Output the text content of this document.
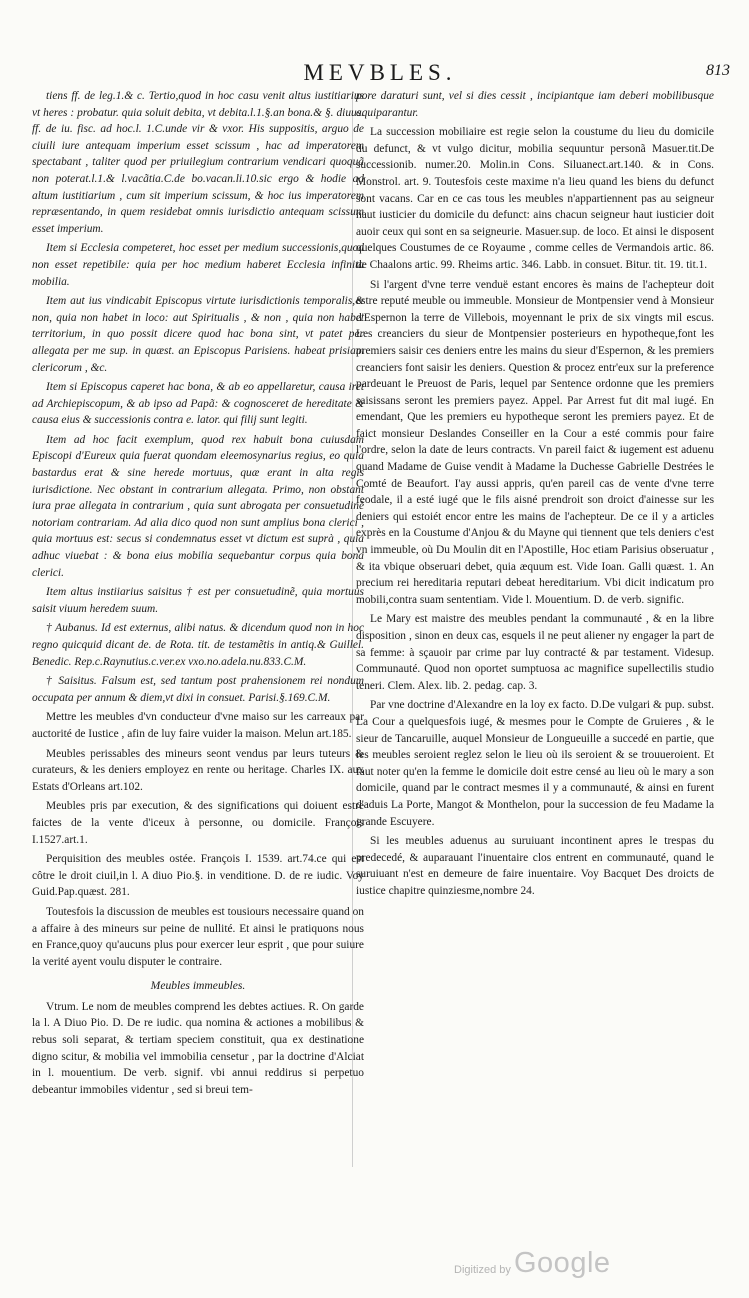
MEVBLES.	813

tiens ff. de leg.1.& c. Tertio,quod in hoc casu venit altus iustitiarius vt heres : probatur. quia soluit debita, vt debita.l.1.§.an bona.& §. diuus. ff. de iu. fisc. ad hoc.l. 1.C.unde vir & vxor. His suppositis, arguo de ciuili iure antequam imperium esset scissum , hac ad imperatorem spectabant , taliter quod per priuilegium contrarium vendicari quoquã non poterat.l.1.& l.vacãtia.C.de bo.vacan.li.10.sic ergo & hodie ad altum iustitiarium , cum sit imperium scissum, & hoc ius imperatorem repræsentando, in quem residebat omnis iurisdictio antequam scissum esset imperium.

Item si Ecclesia competeret, hoc esset per medium successionis,quod non esset repetibile: quia per hoc medium haberet Ecclesia infinita mobilia.

Item aut ius vindicabit Episcopus virtute iurisdictionis temporalis,& non, quia non habet in loco: aut Spiritualis , & non , quia non habet territorium, in quo possit dicere quod hac bona sint, vt patet per allegata per me sup. in quæst. an Episcopus Parisiens. habeat prisiam clericorum , &c.

Item si Episcopus caperet hac bona, & ab eo appellaretur, causa iret ad Archiepiscopum, & ab ipso ad Papã: & cognosceret de hereditate & causa eius & successionis contra e. lator. qui filij sunt legiti.

Item ad hoc facit exemplum, quod rex habuit bona cuiusdam Episcopi d'Eureux quia fuerat quondam eleemosynarius regius, eo quia bastardus erat & sine herede mortuus, quæ erant in alta regis iurisdictione. Nec obstant in contrarium allegata. Primo, non obstant iura prae allegata in contrarium , quia sunt abrogata per consuetudinẽ notoriam contrariam. Ad alia dico quod non sunt amplius bona clerici , quia mortuus est: secus si condemnatus esset vt dictum est suprà , quia adhuc viuebat : & bona eius mobilia sequebantur corpus quia bona clerici.

Item altus instiiarius saisitus † est per consuetudinẽ, quia mortuus saisit viuum heredem suum.

† Aubanus. Id est externus, alibi natus. & dicendum quod non in hoc regno quicquid dicant de. de Rota. tit. de testamẽtis in antiq.& Guillel. Benedic. Rep.c.Raynutius.c.ver.ex vxo.no.adela.nu.833.C.M.

† Saisitus. Falsum est, sed tantum post prahensionem rei nondum occupata per annum & diem,vt dixi in consuet. Parisi.§.169.C.M.

Mettre les meubles d'vn conducteur d'vne maiso sur les carreaux par auctorité de Iustice , afin de luy faire vuider la maison. Melun art.185.

Meubles perissables des mineurs seont vendus par leurs tuteurs & curateurs, & les deniers employez en rente ou heritage. Charles IX. aux Estats d'Orleans art.102.

Meubles pris par execution, & des significations qui doiuent estre faictes de la vente d'iceux à personne, ou domicile. François I.1527.art.1.

Perquisition des meubles ostée. François I. 1539. art.74.ce qui est côtre le droit ciuil,in l. A diuo Pio.§. in venditione. D. de re iudic. Voy Guid.Pap.quæst. 281.

Toutesfois la discussion de meubles est tousiours necessaire quand on a affaire à des mineurs sur peine de nullité. Et ainsi le pratiquons nous en France,quoy qu'aucuns plus pour exercer leur esprit , que pour suiure la verité ayent voulu disputer le contraire.

Meubles immeubles.

Vtrum. Le nom de meubles comprend les debtes actiues. R. On garde la l. A Diuo Pio. D. De re iudic. qua nomina & actiones a mobilibus & rebus soli separat, & tertiam speciem constituit, qua ex destinatione digno scitur, & mobilia vel immobilia censetur , par la doctrine d'Alciat in l. mouentium. De verb. signif. vbi annui reddirus si perpetuo debeantur immobiles videntur , sed si breui tem-

pore daraturi sunt, vel si dies cessit , incipiantque iam deberi mobilibusque aquiparantur.

La succession mobiliaire est regie selon la coustume du lieu du domicile du defunct, & vt vulgo dicitur, mobilia sequuntur personã Masuer.tit.De successionib. numer.20. Molin.in Cons. Siluanect.art.140. & in Cons. Monstrol. art. 9. Toutesfois ceste maxime n'a lieu quand les biens du defunct sont vacans. Car en ce cas tous les meubles n'appartiennent pas au seigneur haut iusticier du domicile du defunct: ains chacun seigneur haut iusticier doit auoir ceux qui sont en sa seigneurie. Masuer.sup. de loco. Et ainsi le disposent quelques Coustumes de ce Royaume , comme celles de Vermandois artic. 86. de Chaalons artic. 99. Rheims artic. 346. Labb. in consuet. Bitur. tit. 19. tit.1.

Si l'argent d'vne terre venduë estant encores ès mains de l'achepteur doit estre reputé meuble ou immeuble. Monsieur de Montpensier vend à Monsieur d'Espernon la terre de Villebois, moyennant le prix de six vingts mil escus. Les creanciers du sieur de Montpensier posterieurs en hypotheque,font les premiers saisir ces deniers entre les mains du sieur d'Espernon, & les premiers creanciers font saisir les deniers. Question & procez entr'eux sur la preference pardeuant le Preuost de Paris, lequel par Sentence ordonne que les premiers saisissans seront les premiers payez. Appel. Par Arrest fut dit mal iugé. En emendant, Que les premiers eu hypotheque seront les premiers payez. Et de faict monsieur Deslandes Conseiller en la Cour a esté commis pour faire l'ordre, selon la date de leurs contracts. Vn pareil faict & iugement est aduenu quand Madame de Guise vendit à Madame la Duchesse Gabrielle Destrées le Comté de Beaufort. I'ay aussi appris, qu'en pareil cas de vente d'vne terre feodale, il a esté iugé que le fils aisné prendroit son droict d'ainesse sur les deniers qui estoiét encor entre les mains de l'achepteur. De ce il y a articles exprès en la Coustume d'Anjou & du Mayne qui tiennent que tels deniers c'est vn immeuble, où Du Moulin dit en l'Apostille, Hoc etiam Parisius obseruatur , & ita vbique obseruari debet, quia æquum est. Vide Ioan. Galli quæst. 1. An precium rei hereditaria reputari debeat hereditarium. Vbi dicit indicatum pro mobili,contra suam sententiam. Vide l. Mouentium. D. de verb. signific.

Le Mary est maistre des meubles pendant la communauté , & en la libre disposition , sinon en deux cas, esquels il ne peut aliener ny engager la part de sa femme: à sçauoir par crime par luy contracté & par testament. Videsup. Communauté. Quod non oportet sumptuosa ac magnifice supellectilis studio teneri. Clem. Alex. lib. 2. pedag. cap. 3.

Par vne doctrine d'Alexandre en la loy ex facto. D.De vulgari & pup. subst. La Cour a quelquesfois iugé, & mesmes pour le Compte de Gruieres , & le sieur de Tancaruille, auquel Monsieur de Longueuille a succedé en partie, que les meubles seroient reglez selon le lieu où ils seroient & se trouueroient. Et faut noter qu'en la femme le domicile doit estre censé au lieu où le mary a son domicile, quand par le contract mesmes il y a communauté, & ainsi en furent d'aduis La Porte, Mangot & Monthelon, pour la succession de feu Madame la grande Escuyere.

Si les meubles aduenus au suruiuant incontinent apres le trespas du predecedé, & auparauant l'inuentaire clos entrent en communauté, quand le suruiuant n'est en demeure de faire inuentaire. Voy Bacquet Des droicts de iustice chapitre quinziesme,nombre 24.

Digitized by Google
